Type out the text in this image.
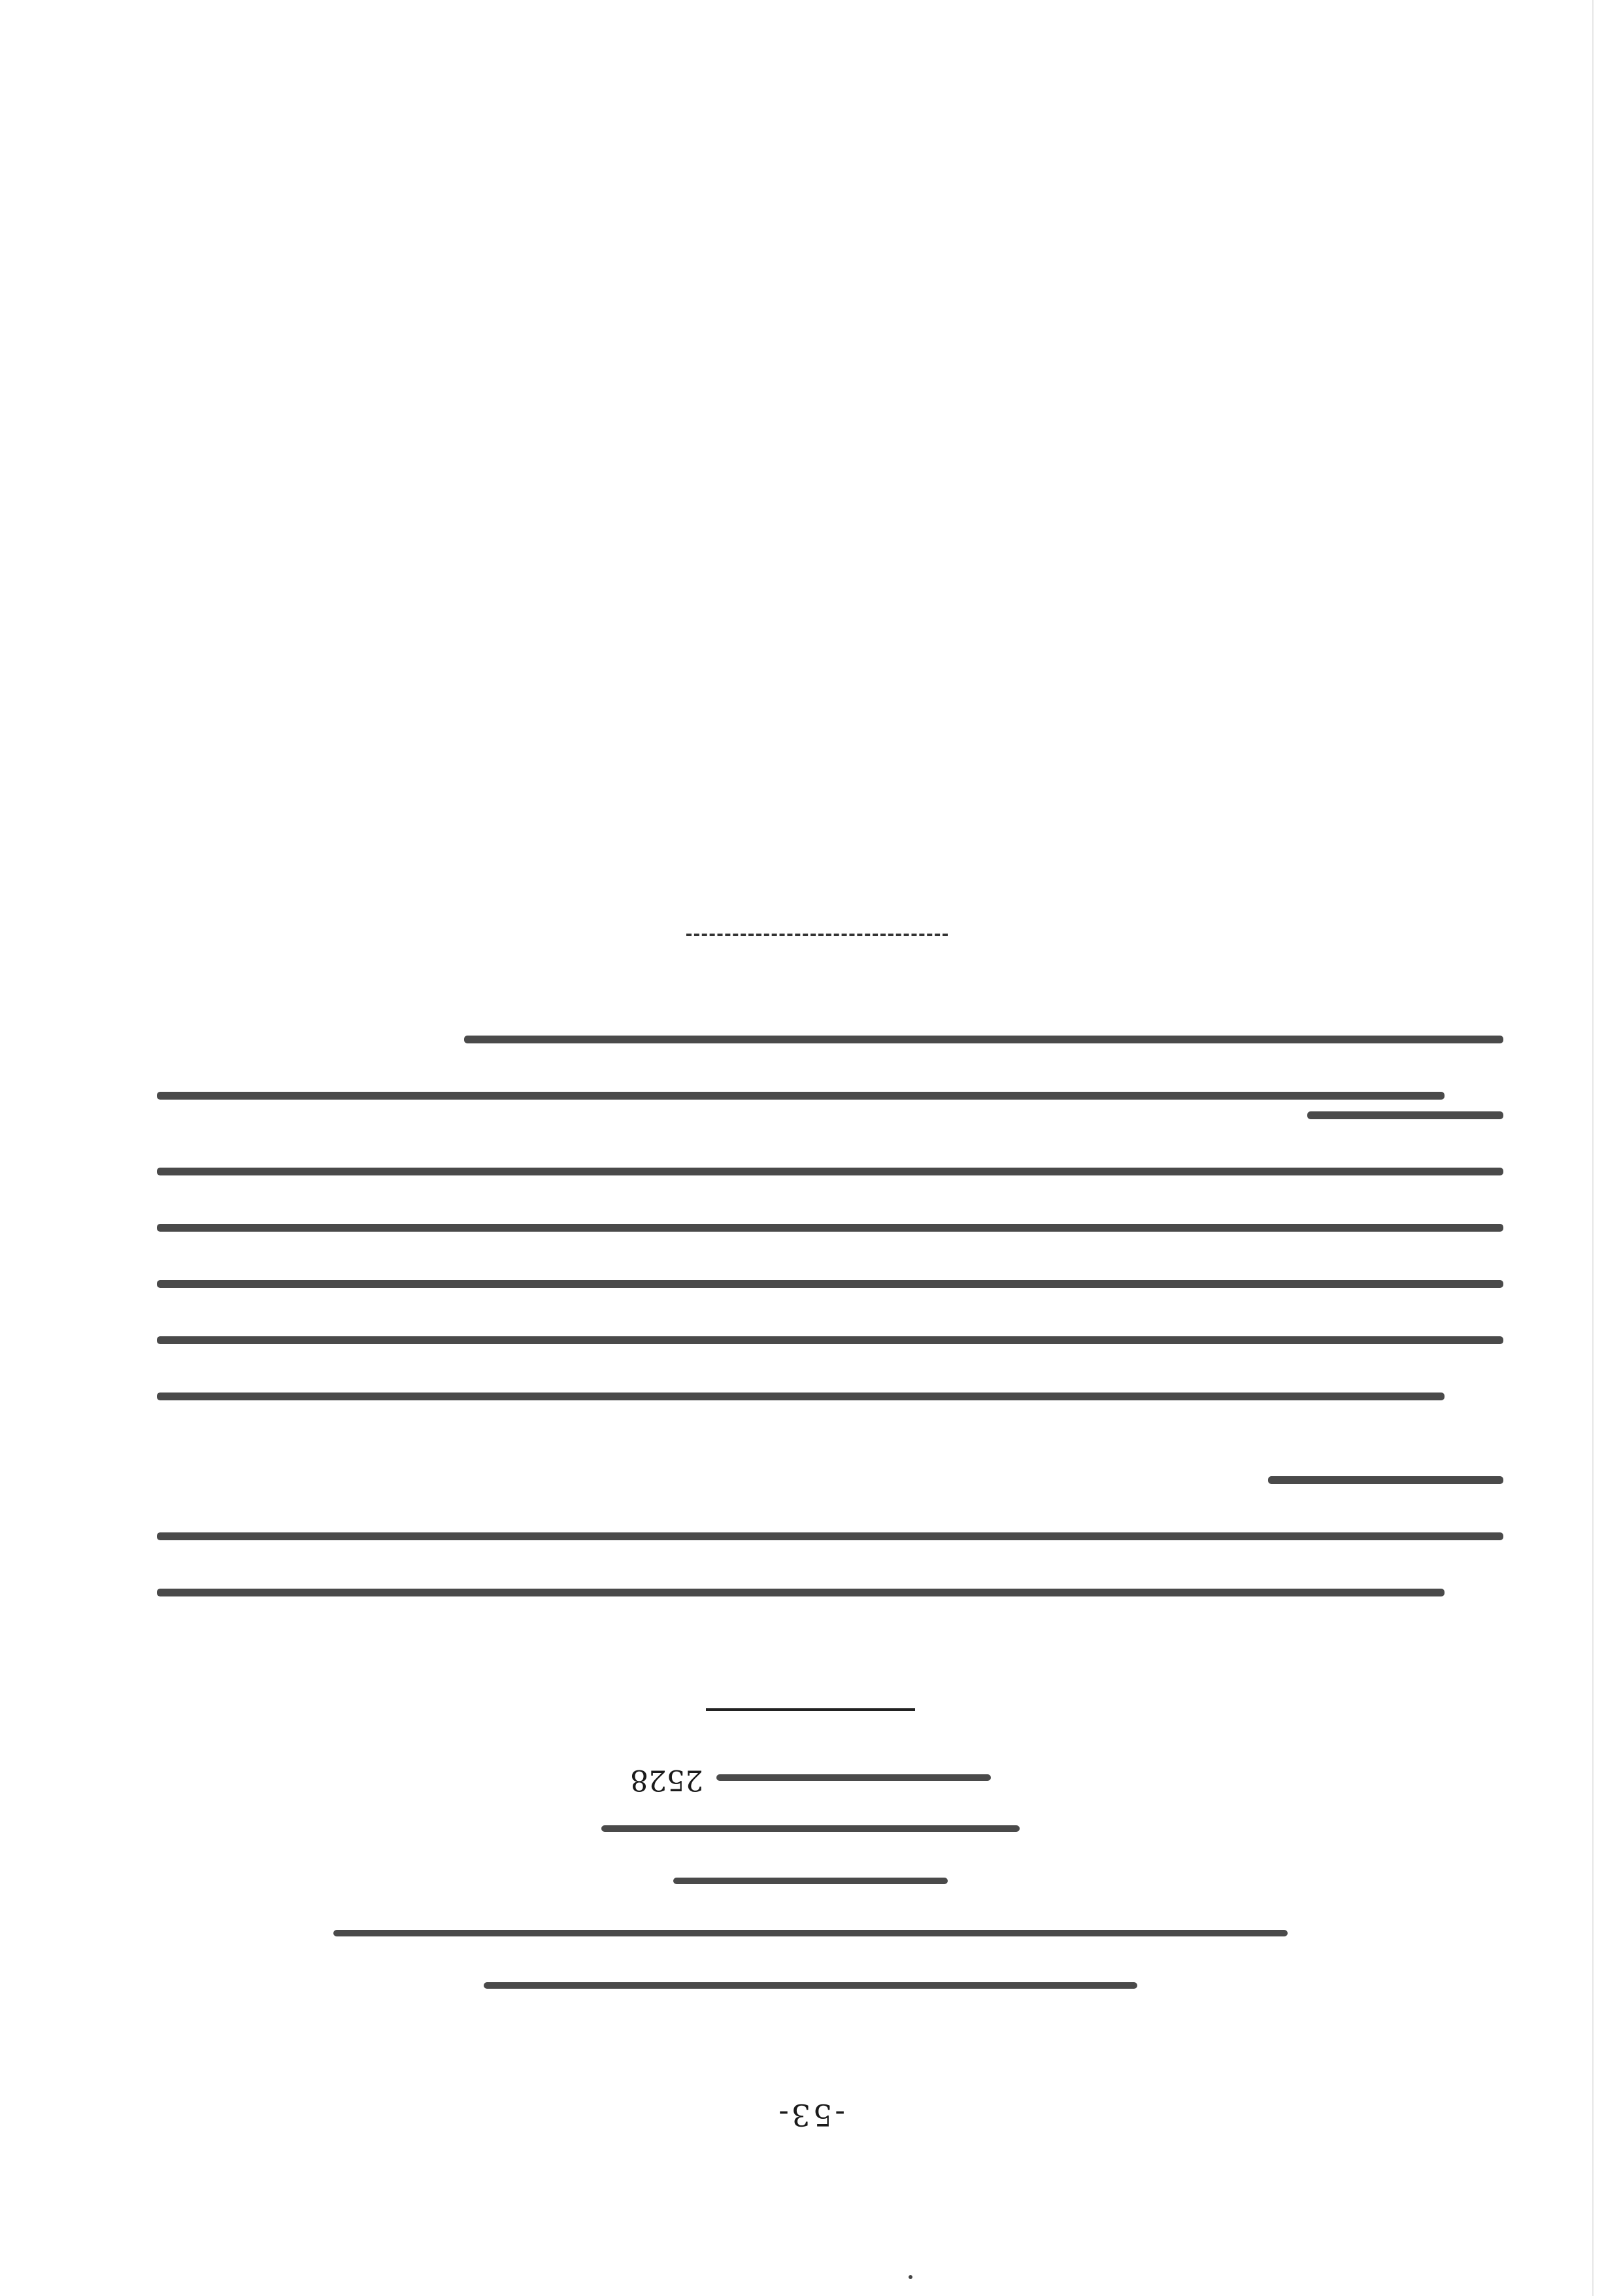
-53-
2528
